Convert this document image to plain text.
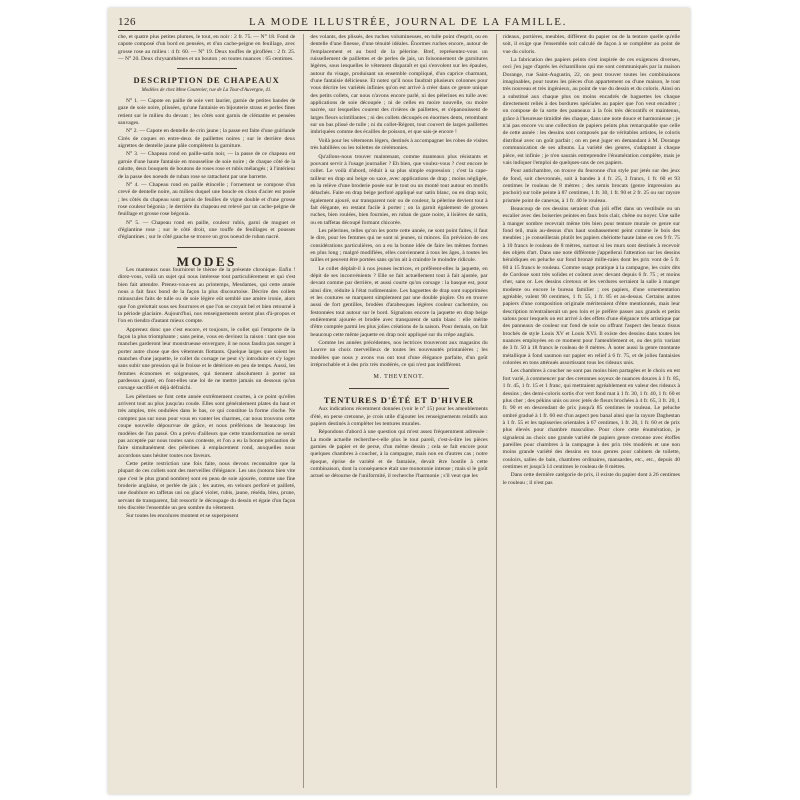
126	LA MODE ILLUSTRÉE, JOURNAL DE LA FAMILLE.

che, et quatre plus petites plumes, le tout, en noir : 2 fr. 75. — N° 18. Fond de capote composé d'un bord en pensées, et d'un cache-peigne en feuillage, avec grosse rose au milieu : 4 fr. 60. — N° 19. Deux touffes de giroflées : 2 fr. 25. — N° 20. Deux chrysanthèmes et un bouton ; en toutes nuances : 65 centimes.

DESCRIPTION DE CHAPEAUX
Modèles de chez Mme Coutenier, rue de La Tour-d'Auvergne, 41.

N° 1. — Capote en paille de soie vert laurier, garnie de petites bandes de gaze de soie noire, plissées, qu'une fantaisie en bijouterie strass et perles fines retient sur le milieu du devant ; les côtés sont garnis de clématite et pensées sauvages.

N° 2. — Capote en dentelle de crin jaune ; la passe est faite d'une guirlande Cirès de coques en entre-deux de paillettes noires ; sur le derrière deux aigrettes de dentelle jaune pâle complètent la garniture.

N° 3. — Chapeau rond en paille-satin noir, — la passe de ce chapeau est garnie d'une haute fantaisie en mousseline de soie noire ; de chaque côté de la calotte, deux bouquets de boutons de roses rose et rubis mélangés ; à l'intérieur de la passe des noeuds de ruban rose se rattachent par une barrette.

N° 4. — Chapeau rond en paille étincelle ; l'ornement se compose d'un crevé de dentelle noire, au milieu duquel une boucle en clous d'acier est posée ; les côtés du chapeau sont garnis de feuilles de vigne double et d'une grosse rose couleur bégonia ; le derrière du chapeau est relevé par un cache-peigne de feuillage et grosse rose bégonia.

N° 5. — Chapeau rond en paille, couleur rubis, garni de muguet et d'églantine rose ; sur le côté droit, une touffe de feuillages et pousses d'églantines ; sur le côté gauche se trouve un gros noeud de ruban nacré.

MODES

Les manteaux nous fournirent le thème de la présente chronique. Enfin ! direz-vous, voilà un sujet qui nous intéresse tout particulièrement et qui s'est bien fait attendre. Prenez-vous-en au printemps, Mesdames, qui cette année nous a fait faux bond de la façon la plus discourtoise. Décrire des collets minuscules faits de tulle ou de soie légère eût semblé une amère ironie, alors que l'on grelottait sous ses fourrures et que l'on se croyait bel et bien retourné à la période glaciaire. Aujourd'hui, nos renseignements seront plus d'à-propos et l'on en tiendra d'autant mieux compte.

Apprenez donc que c'est encore, et toujours, le collet qui l'emporte de la façon la plus triomphante ; sans peine, vous en devinez la raison : tant que nos manches garderont leur monstrueuse envergure, il ne nous faudra pas songer à porter autre chose que des vêtements flottants. Quelque larges que soient les manches d'une jaquette, le collet du corsage ne peut s'y introduire et s'y loger sans subir une pression qui le froisse et le détériore en peu de temps. Aussi, les femmes économes et soigneuses, qui tiennent absolument à porter un pardessus ajusté, en font-elles une loi de ne mettre jamais un dessous qu'un corsage sacrifié et déjà défraîchi.

Les pèlerines se font cette année extrêmement courtes, à ce point qu'elles arrivent tout au plus jusqu'au coude. Elles sont généralement plates du haut et très amples, très ondulées dans le bas, ce qui constitue la forme cloche. Ne comptez pas sur nous pour vous en vanter les charmes, car nous trouvons cette coupe nouvelle dépourvue de grâce, et nous préférions de beaucoup les modèles de l'an passé. On a prévu d'ailleurs que cette transformation ne serait pas acceptée par nous toutes sans conteste, et l'on a eu la bonne précaution de faire simultanément des pèlerines à emplacement rond, auxquelles nous accordons sans hésiter toutes nos faveurs.

Cette petite restriction une fois faite, nous devons reconnaître que la plupart de ces collets sont des merveilles d'élégance. Les uns (notons bien vite que c'est le plus grand nombre) sont en peau de soie ajourée, comme une fine broderie anglaise, et perlée de jais ; les autres, en velours perforé et pailleté, une doublure en taffetas uni ou glacé violet, rubis, jaune, réséda, bleu, prune, servant de transparent, fait ressortir le découpage du dessin et égaie d'un façon très discrète l'ensemble un peu sombre du vêtement.

Sur toutes les encolures montent et se superposent

des volants, des plissés, des ruches volumineuses, en tulle point d'esprit, ou en dentelle d'une finesse, d'une ténuité idéales. Énormes ruches encore, autour de l'emplacement et au bord de la pèlerine. Bref, représentez-vous un ruissellement de paillettes et de perles de jais, un foisonnement de garnitures légères, sous lesquelles le vêtement disparaît et qui s'envolent sur les épaules, autour du visage, produisant un ensemble compliqué, d'un caprice charmant, d'une fantaisie délicieuse. Et notez qu'il nous faudrait plusieurs colonnes pour vous décrire les variétés infinies qu'on est arrivé à créer dans ce genre unique des petits collets, car nous n'avons encore parlé, ni des pèlerines en tulle avec applications de soie découpée ; ni de celles en moire nouvelle, ou moire nacrée, sur lesquelles courent des rivières de paillettes, et s'épanouissent de larges fleurs scintillantes ; ni des collets découpés en énormes dents, retombant sur un bas plissé de tulle ; ni du collet-Régent, tout couvert de larges paillettes imbriquées comme des écailles de poisson, et que sais-je encore !

Voilà pour les vêtements légers, destinés à accompagner les robes de visites très habillées ou les toilettes de cérémonies.

Qu'allons-nous trouver maintenant, comme manteaux plus résistants et pouvant servir à l'usage journalier ? Eh bien, que voulez-vous ? c'est encore le collet. Le voilà d'abord, réduit à sa plus simple expression ; c'est la cape-tailleur en drap uni beige ou saxe, avec applications de drap ; moins négligée, en la relève d'une broderie posée sur le tout ou un monté tout autour en motifs détachés. Faite en drap beige perforé appliqué sur satin blanc, ou en drap noir, également ajouré, sur transparent noir ou de couleur, la pèlerine devient tout à fait élégante, en restant facile à porter ; on la garnit également de grosses ruches, bien roulées, bien fournies, en ruban de gaze noire, à lisières de satin, ou en taffetas découpé formant chicorée.

Les pèlerines, telles qu'on les porte cette année, ne sont point faites, il faut le dire, pour les femmes qui ne sont ni jeunes, ni minces. En prévision de ces considérations particulières, on a eu la bonne idée de faire les mêmes formes en plus long ; malgré modifiées, elles conviennent à tous les âges, à toutes les tailles et peuvent être portées sans qu'on ait à craindre le moindre ridicule.

Le collet déplaît-il à nos jeunes lectrices, et préfèrent-elles la jaquette, en dépit de ses inconvénients ? Elle se fait actuellement tout à fait ajustée, par devant comme par derrière, et aussi courte qu'on corsage : la basque est, pour ainsi dire, réduite à l'état rudimentaire. Les baguettes de drap sont supprimées et les coutures se marquent simplement par une double piqûre. On en trouve aussi de fort gentilles, brodées d'arabesques légères couleur cachemire, ou festonnées tout autour sur le bord. Signalons encore la jaquette en drap beige entièrement ajourée et brodée avec transparent de satin blanc : elle mérite d'être comptée parmi les plus jolies créations de la saison. Pour demain, on fait beaucoup cette même jaquette en drap noir appliqué sur du crêpe anglais.

Comme les années précédentes, nos lectrices trouveront aux magasins du Louvre un choix merveilleux de toutes les nouveautés printanières ; les modèles que nous y avons vus ont tout d'une élégance parfaite, d'un goût irréprochable et à des prix très modérés, ce qui n'est pas indifférent.

M. THEVENOT.
TENTURES D'ÉTÉ ET D'HIVER

Aux indications récemment données (voir le n° 15) pour les ameublements d'été, en perse cretonne, je crois utile d'ajouter les renseignements relatifs aux papiers destinés à compléter les tentures murales.

Répondons d'abord à une question qui m'est assez fréquemment adressée : La mode actuelle recherche-t-elle plus le tout pareil, c'est-à-dire les pièces garnies de papier et de perse, d'un même dessin ; cela se fait encore pour quelques chambres à coucher, à la campagne, mais non en d'autres cas ; notre époque, éprise de variété et de fantaisie, devait être hostile à cette combinaison, dont la conséquence était une monotonie intense ; mais si le goût actuel se détourne de l'uniformité, il recherche l'harmonie ; s'il veut que les

rideaux, portières, meubles, diffèrent du papier ou de la tenture quelle qu'elle soit, il exige que l'ensemble soit calculé de façon à se compléter au point de vue du coloris.

La fabrication des papiers peints s'est inspirée de ces exigences diverses, ceci j'en juge d'après les échantillons qui me sont communiqués par la maison Dorange, rue Saint-Augustin, 22, on peut trouver toutes les combinaisons imaginables, pour toutes les pièces d'un appartement ou d'une maison, le tout très nouveau et très ingénieux, au point de vue du dessin et du coloris. Ainsi on a substitué aux chaque plus ou moins encadrés de baguettes les chaque directement reliés à des bordures spéciales au papier que l'on veut encadrer ; on compose de la sorte des panneaux à la fois très décoratifs et maintenus, grâce à l'heureuse timidité des chaque, dans une note douce et harmonieuse ; je n'ai pas encore vu une collection de papiers peints plus remarquable que celle de cette année : les dessins sont composés par de véritables artistes, le coloris distribué avec un goût parfait ; on en peut juger en demandant à M. Dorange communication de ses albums. La variété des genres, s'adaptant à chaque pièce, est infinie ; je n'en saurais entreprendre l'énumération complète, mais je vais indiquer l'emploi de quelques-uns de ces papiers.

Pour antichambre, on trouve du feuronne d'un style pur jetés sur des jeux de fond, soit chevronnés, soit à bandes à 4 fr. 25, 3 francs, 1 fr. 60 et 93 centimes le rouleau de 8 mètres ; des semis brocats (genre impression au pochoir) sur toile peinte à 87 centimes, 1 fr. 30, 1 fr. 90 et 2 fr. 25 ou sur rayure prismée point de canevas, à 1 fr. 40 le rouleau.

Beaucoup de ces dessins seraient d'un joli effet dans un vestibule ou un escalier avec des boiseries peintes en faux bois clair, chêne ou noyer. Une salle à manger sombre recevrait même très bien pour tenture murale ce genre sur fond teil, mais au-dessus d'un haut soubassement peint comme le bois des meubles ; je conseillerais plutôt les papiers chériotte haute laine en ces 9 fr. 75 à 10 francs le rouleau de 8 mètres, surtout si les murs sont destinés à recevoir des objets d'art. Dans une note différente j'appellerai l'attention sur les dessins héraldiques en peluche sur fond bronzé mille-raies dont les prix vont de 5 fr. 60 à 15 francs le rouleau. Comme usage pratique à la campagne, les cuirs dits de Cordoue sont très solides et coûtent avec devant depuis 6 fr. 75 ; et moins cher, sans or. Les dessins ciretoux et les verdures serraient la salle à manger modeste ou encore le bureau familier ; ces papiers, d'une ornementation agréable, valent 90 centimes, 1 fr. 55, 1 fr. 85 et au-dessus. Certains autres papiers d'une composition originale mériteraient d'être mentionnés, mais leur description m'entraînerait un peu loin et je préfère passer aux grands et petits salons pour lesquels on est arrivé à des effets d'une élégance très artistique par des panneaux de couleur sur fond de soie ou offrant l'aspect des beaux tissus brochés de style Louis XV et Louis XVI. Il existe des dessins dans toutes les nuances employées en ce moment pour l'ameublement et, ou des prix variant de 3 fr. 50 à 18 francs le rouleau de 8 mètres. À noter aussi la genre montante métallique à fond saumon sur papier en relief à 6 fr. 75, et de jolies fantaisies colorées en tons atténués assortissant tous les rideaux unis.

Les chambres à coucher ne sont pas moins bien partagées et le choix en est fort varié, à commencer par des cretonnes soyeux de nuances douces à 1 fr. 85, 1 fr. 45, 1 fr. 15 et 1 franc, qui mettraient agréablement en valeur des rideaux à dessins ; des demi-coloris sortis d'or vert fond mat à 1 fr. 30, 1 fr. 40, 1 fr. 60 et plus cher ; des pékins unis ou avec jetés de fleurs brochées à 4 fr. 65, 3 fr. 20, 1 fr. 90 et en descendant de prix jusqu'à 85 centimes le rouleau. Le peluche ombré gradué à 1 fr. 60 est d'un aspect peu banal ainsi que la rayure Daghestan à 1 fr. 55 et les tapisseries orientales à 67 centimes, 1 fr. 20, 1 fr. 60 et de prix plus élevés pour chambre masculine. Pour clore cette énumération, je signalerai au choix une grande variété de papiers genre cretonne avec étoffes pareilles pour chambres à la campagne à des prix très modérés et une non moins grande variété des dessins en tous genres pour cabinets de toilette, couloirs, salles de bain, chambres ordinaires, mansardes, etc., etc., depuis 40 centimes et jusqu'à 14 centimes le rouleau de 8 mètres.

Dans cette dernière catégorie de prix, il existe du papier dont à 26 centimes le rouleau ; il n'est pas
